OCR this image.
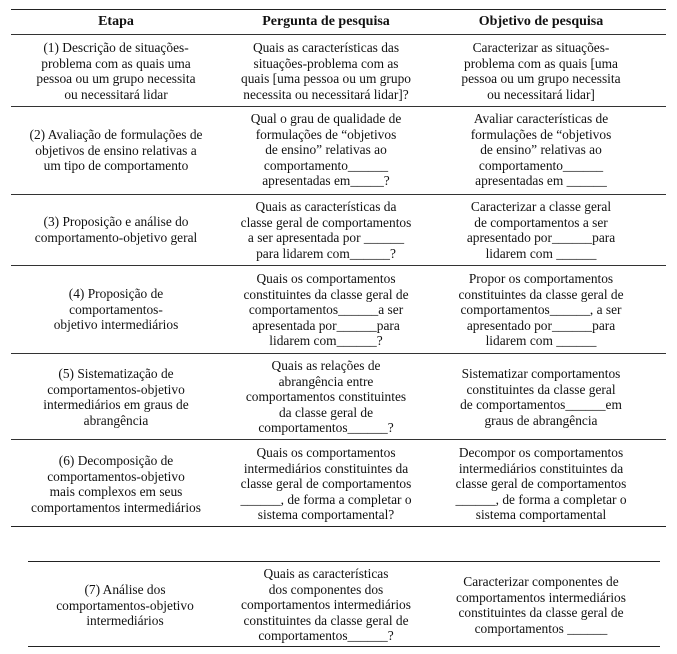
Etapa	Pergunta de pesquisa	Objetivo de pesquisa
(1) Descrição de situações-
problema com as quais uma
pessoa ou um grupo necessita
ou necessitará lidar
Quais as características das
situações-problema com as
quais [uma pessoa ou um grupo
necessita ou necessitará lidar]?
Caracterizar as situações-
problema com as quais [uma
pessoa ou um grupo necessita
ou necessitará lidar]
(2) Avaliação de formulações de
objetivos de ensino relativas a
um tipo de comportamento
Qual o grau de qualidade de
formulações de “objetivos
de ensino” relativas ao
comportamento______
apresentadas em_____?
Avaliar características de
formulações de “objetivos
de ensino” relativas ao
comportamento______
apresentadas em ______
(3) Proposição e análise do
comportamento-objetivo geral
Quais as características da
classe geral de comportamentos
a ser apresentada por ______
para lidarem com______?
Caracterizar a classe geral
de comportamentos a ser
apresentado por______para
lidarem com ______
(4) Proposição de
comportamentos-
objetivo intermediários
Quais os comportamentos
constituintes da classe geral de
comportamentos______a ser
apresentada por______para
lidarem com______?
Propor os comportamentos
constituintes da classe geral de
comportamentos______, a ser
apresentado por______para
lidarem com ______
(5) Sistematização de
comportamentos-objetivo
intermediários em graus de
abrangência
Quais as relações de
abrangência entre
comportamentos constituintes
da classe geral de
comportamentos______?
Sistematizar comportamentos
constituintes da classe geral
de comportamentos______em
graus de abrangência
(6) Decomposição de
comportamentos-objetivo
mais complexos em seus
comportamentos intermediários
Quais os comportamentos
intermediários constituintes da
classe geral de comportamentos
______, de forma a completar o
sistema comportamental?
Decompor os comportamentos
intermediários constituintes da
classe geral de comportamentos
______, de forma a completar o
sistema comportamental
(7) Análise dos
comportamentos-objetivo
intermediários
Quais as características
dos componentes dos
comportamentos intermediários
constituintes da classe geral de
comportamentos______?
Caracterizar componentes de
comportamentos intermediários
constituintes da classe geral de
comportamentos ______
